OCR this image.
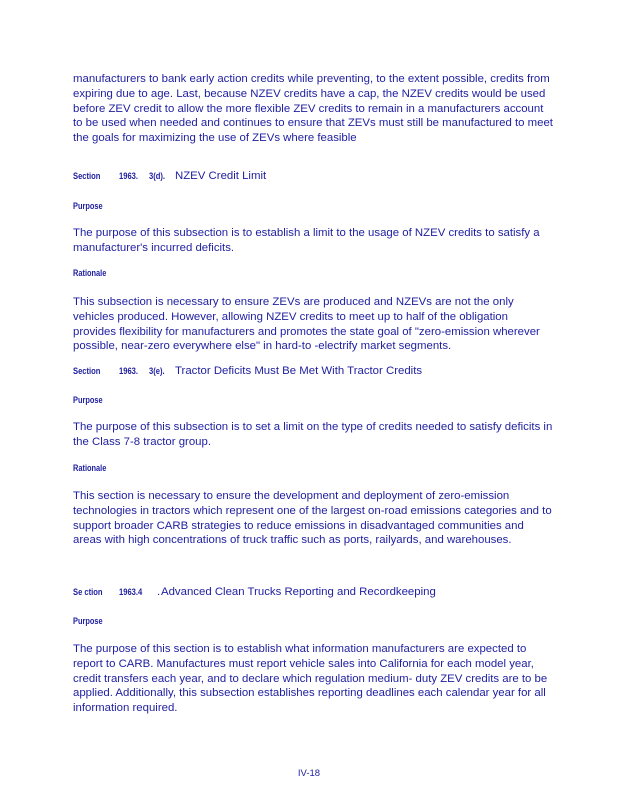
manufacturers to bank early action credits while preventing, to the extent possible, credits from expiring due to age. Last, because NZEV credits have a cap, the NZEV credits would be used before ZEV credit to allow the more flexible ZEV credits to remain in a manufacturers account to be used when needed and continues to ensure that ZEVs must still be manufactured to meet the goals for maximizing the use of ZEVs where feasible
Section 1963. 3(d). NZEV Credit Limit
Purpose
The purpose of this subsection is to establish a limit to the usage of NZEV credits to satisfy a manufacturer's incurred deficits.
Rationale
This subsection is necessary to ensure ZEVs are produced and NZEVs are not the only vehicles produced. However, allowing NZEV credits to meet up to half of the obligation provides flexibility for manufacturers and promotes the state goal of "zero-emission wherever possible, near-zero everywhere else" in hard-to -electrify market segments.
Section 1963. 3(e). Tractor Deficits Must Be Met With Tractor Credits
Purpose
The purpose of this subsection is to set a limit on the type of credits needed to satisfy deficits in the Class 7-8 tractor group.
Rationale
This section is necessary to ensure the development and deployment of zero-emission technologies in tractors which represent one of the largest on-road emissions categories and to support broader CARB strategies to reduce emissions in disadvantaged communities and areas with high concentrations of truck traffic such as ports, railyards, and warehouses.
Se ction 1963.4 .Advanced Clean Trucks Reporting and Recordkeeping
Purpose
The purpose of this section is to establish what information manufacturers are expected to report to CARB. Manufactures must report vehicle sales into California for each model year, credit transfers each year, and to declare which regulation medium- duty ZEV credits are to be applied. Additionally, this subsection establishes reporting deadlines each calendar year for all information required.
IV-18
